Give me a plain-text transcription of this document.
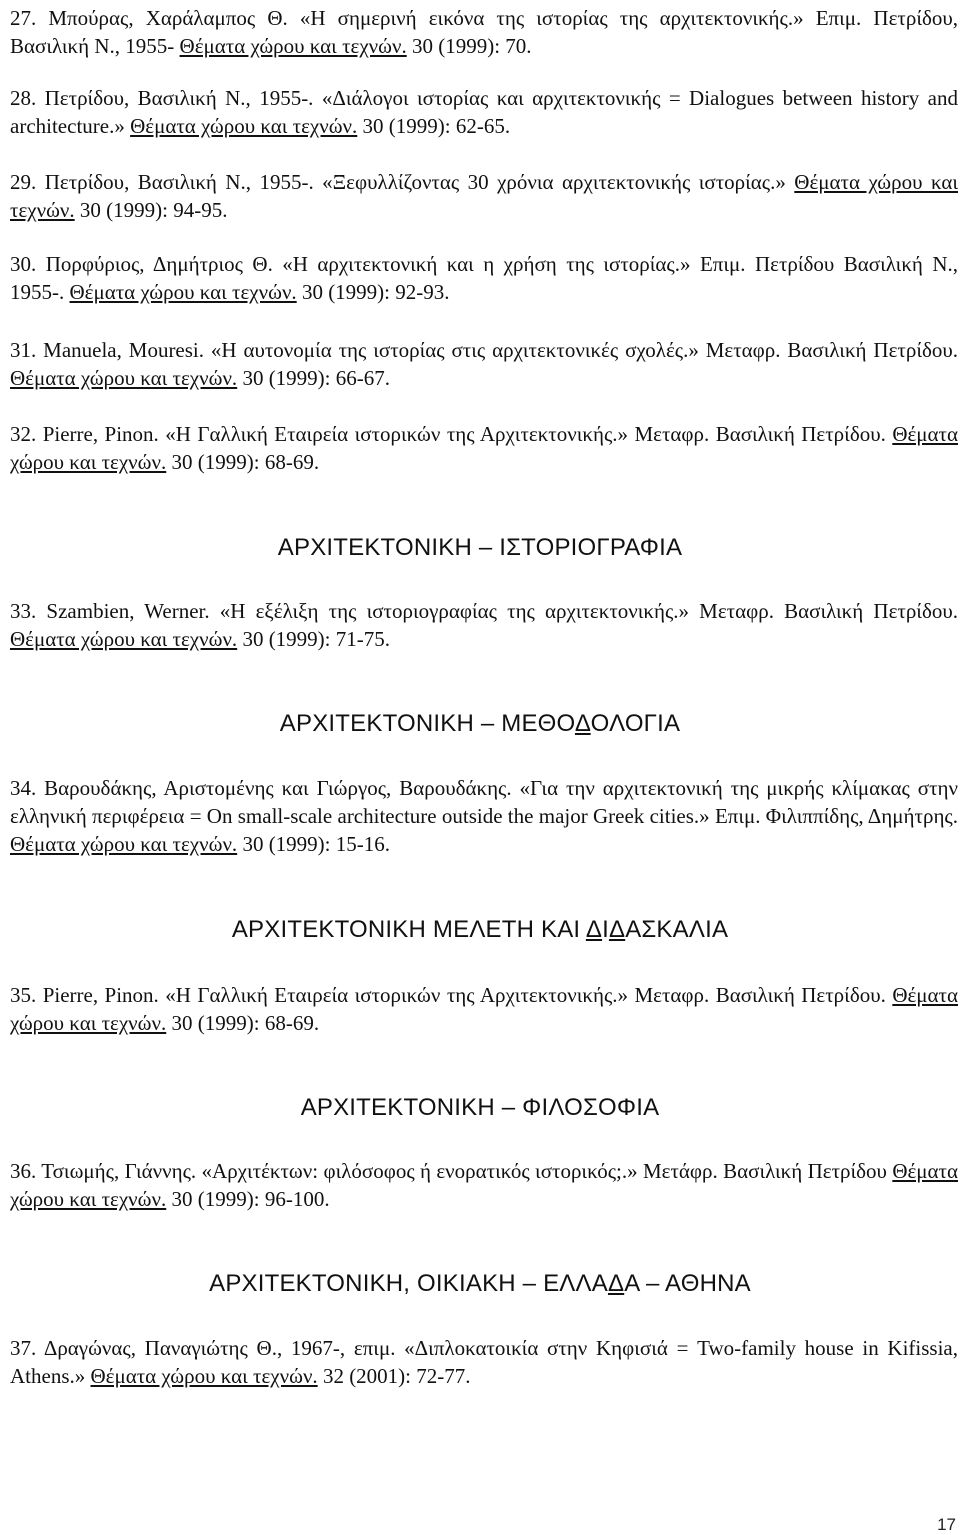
27. Μπούρας, Χαράλαμπος Θ. «Η σημερινή εικόνα της ιστορίας της αρχιτεκτονικής.» Επιμ. Πετρίδου, Βασιλική Ν., 1955- Θέματα χώρου και τεχνών. 30 (1999): 70.
28. Πετρίδου, Βασιλική Ν., 1955-. «Διάλογοι ιστορίας και αρχιτεκτονικής = Dialogues between history and architecture.» Θέματα χώρου και τεχνών. 30 (1999): 62-65.
29. Πετρίδου, Βασιλική Ν., 1955-. «Ξεφυλλίζοντας 30 χρόνια αρχιτεκτονικής ιστορίας.» Θέματα χώρου και τεχνών. 30 (1999): 94-95.
30. Πορφύριος, Δημήτριος Θ. «Η αρχιτεκτονική και η χρήση της ιστορίας.» Επιμ. Πετρίδου Βασιλική Ν., 1955-. Θέματα χώρου και τεχνών. 30 (1999): 92-93.
31. Manuela, Mouresi. «Η αυτονομία της ιστορίας στις αρχιτεκτονικές σχολές.» Μεταφρ. Βασιλική Πετρίδου. Θέματα χώρου και τεχνών. 30 (1999): 66-67.
32. Pierre, Pinon. «Η Γαλλική Εταιρεία ιστορικών της Αρχιτεκτονικής.» Μεταφρ. Βασιλική Πετρίδου. Θέματα χώρου και τεχνών. 30 (1999): 68-69.
ΑΡΧΙΤΕΚΤΟΝΙΚΗ – ΙΣΤΟΡΙΟΓΡΑΦΙΑ
33. Szambien, Werner. «Η εξέλιξη της ιστοριογραφίας της αρχιτεκτονικής.» Μεταφρ. Βασιλική Πετρίδου. Θέματα χώρου και τεχνών. 30 (1999): 71-75.
ΑΡΧΙΤΕΚΤΟΝΙΚΗ – ΜΕΘΟΔΟΛΟΓΙΑ
34. Βαρουδάκης, Αριστομένης και Γιώργος, Βαρουδάκης. «Για την αρχιτεκτονική της μικρής κλίμακας στην ελληνική περιφέρεια = On small-scale architecture outside the major Greek cities.» Επιμ. Φιλιππίδης, Δημήτρης. Θέματα χώρου και τεχνών. 30 (1999): 15-16.
ΑΡΧΙΤΕΚΤΟΝΙΚΗ ΜΕΛΕΤΗ ΚΑΙ ΔΙΔΑΣΚΑΛΙΑ
35. Pierre, Pinon. «Η Γαλλική Εταιρεία ιστορικών της Αρχιτεκτονικής.» Μεταφρ. Βασιλική Πετρίδου. Θέματα χώρου και τεχνών. 30 (1999): 68-69.
ΑΡΧΙΤΕΚΤΟΝΙΚΗ – ΦΙΛΟΣΟΦΙΑ
36. Τσιωμής, Γιάννης. «Αρχιτέκτων: φιλόσοφος ή ενορατικός ιστορικός;.» Μετάφρ. Βασιλική Πετρίδου Θέματα χώρου και τεχνών. 30 (1999): 96-100.
ΑΡΧΙΤΕΚΤΟΝΙΚΗ, ΟΙΚΙΑΚΗ – ΕΛΛΑΔΑ – ΑΘΗΝΑ
37. Δραγώνας, Παναγιώτης Θ., 1967-, επιμ. «Διπλοκατοικία στην Κηφισιά = Two-family house in Kifissia, Athens.» Θέματα χώρου και τεχνών. 32 (2001): 72-77.
17
